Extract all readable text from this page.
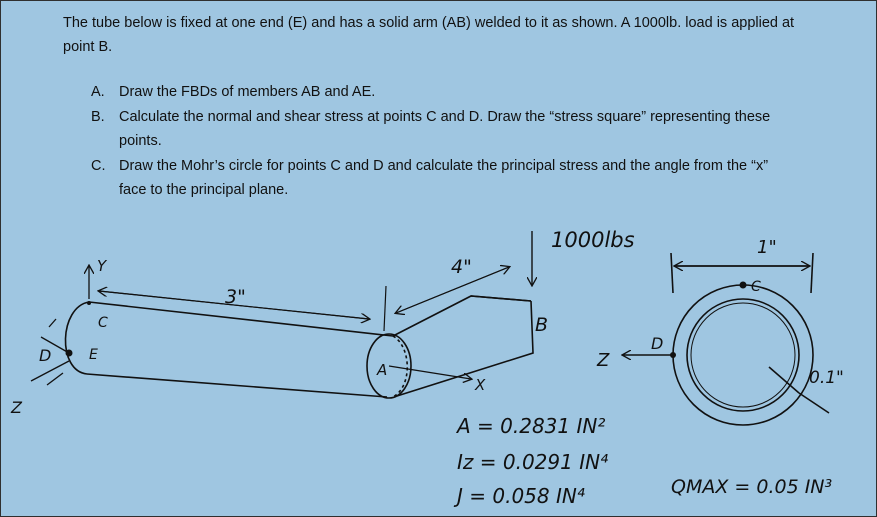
The tube below is fixed at one end (E) and has a solid arm (AB) welded to it as shown. A 1000lb. load is applied at point B.
A. Draw the FBDs of members AB and AE.
B. Calculate the normal and shear stress at points C and D. Draw the “stress square” representing these points.
C. Draw the Mohr’s circle for points C and D and calculate the principal stress and the angle from the “x” face to the principal plane.
1000lbs
3"
4"
Y
X
Z
C
D	E
A
B
1"
0.1"
Z
D
C
A = 0.2831 IN²
Iz = 0.0291 IN⁴
J = 0.058 IN⁴	QMAX = 0.05 IN³
